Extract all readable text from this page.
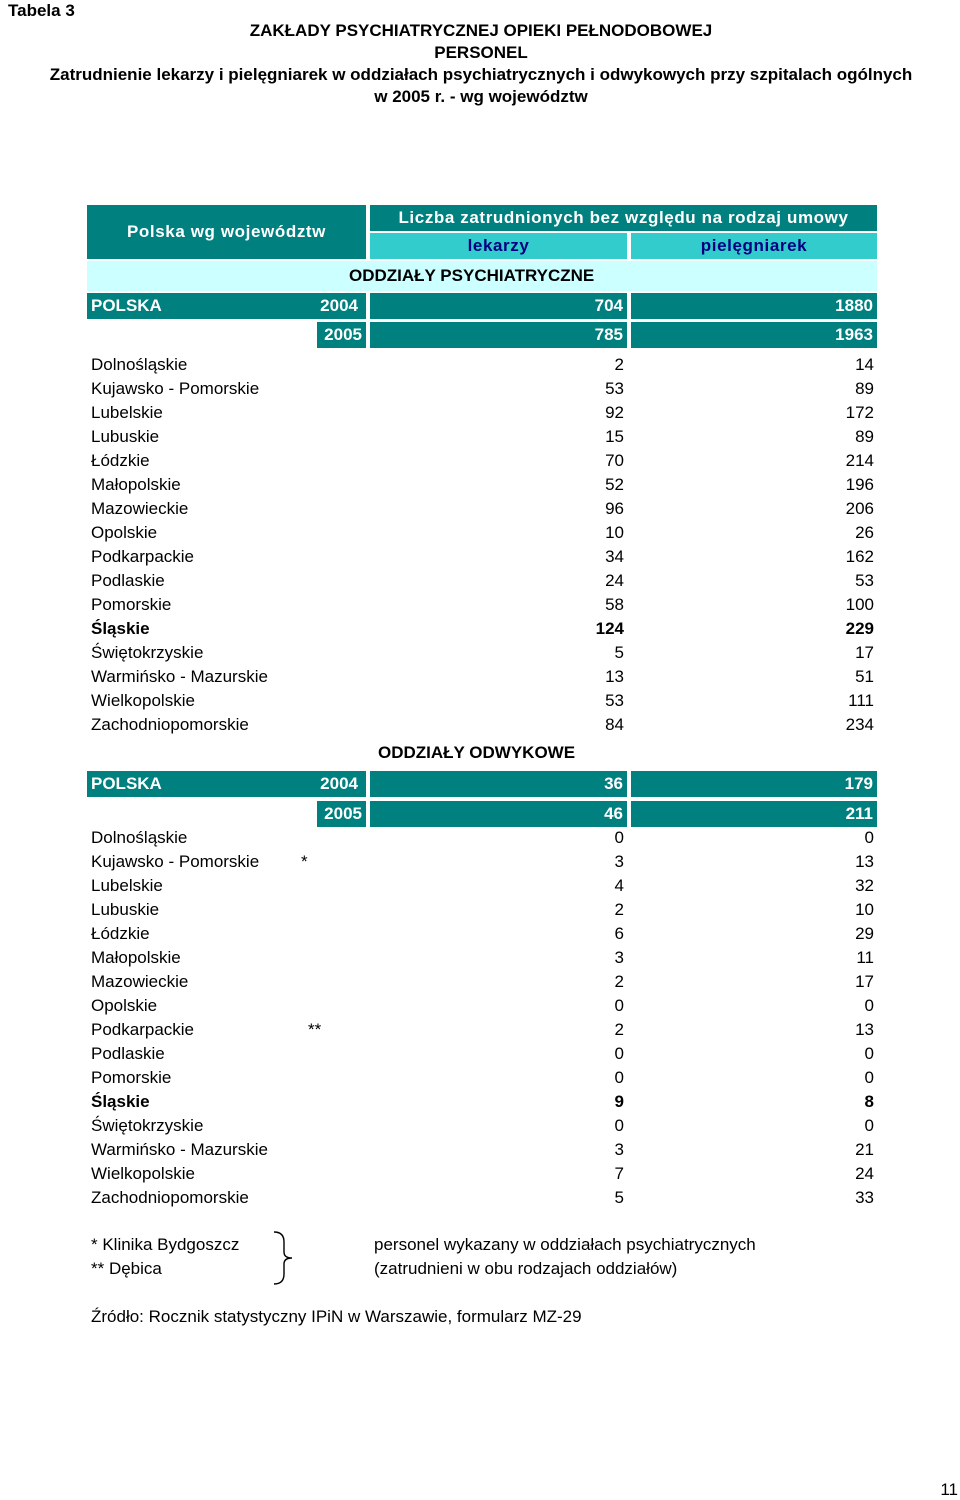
Tabela 3
ZAKŁADY PSYCHIATRYCZNEJ OPIEKI PEŁNODOBOWEJ
PERSONEL
Zatrudnienie lekarzy i pielęgniarek w oddziałach psychiatrycznych i odwykowych przy szpitalach ogólnych
w 2005 r. - wg województw
Polska wg województw
Liczba zatrudnionych bez względu na rodzaj umowy
lekarzy	pielęgniarek
ODDZIAŁY PSYCHIATRYCZNE
POLSKA	2004	704	1880
2005	785	1963
Dolnośląskie	2	14
Kujawsko - Pomorskie	53	89
Lubelskie	92	172
Lubuskie	15	89
Łódzkie	70	214
Małopolskie	52	196
Mazowieckie	96	206
Opolskie	10	26
Podkarpackie	34	162
Podlaskie	24	53
Pomorskie	58	100
Śląskie	124	229
Świętokrzyskie	5	17
Warmińsko - Mazurskie	13	51
Wielkopolskie	53	111
Zachodniopomorskie	84	234
ODDZIAŁY ODWYKOWE
POLSKA	2004	36	179
2005	46	211
Dolnośląskie	0	0
Kujawsko - Pomorskie *	3	13
Lubelskie	4	32
Lubuskie	2	10
Łódzkie	6	29
Małopolskie	3	11
Mazowieckie	2	17
Opolskie	0	0
Podkarpackie	**	2	13
Podlaskie	0	0
Pomorskie	0	0
Śląskie	9	8
Świętokrzyskie	0	0
Warmińsko - Mazurskie	3	21
Wielkopolskie	7	24
Zachodniopomorskie	5	33
* Klinika Bydgoszcz
** Dębica
personel wykazany w oddziałach psychiatrycznych
(zatrudnieni w obu rodzajach oddziałów)
Źródło: Rocznik statystyczny IPiN w Warszawie, formularz MZ-29
11
